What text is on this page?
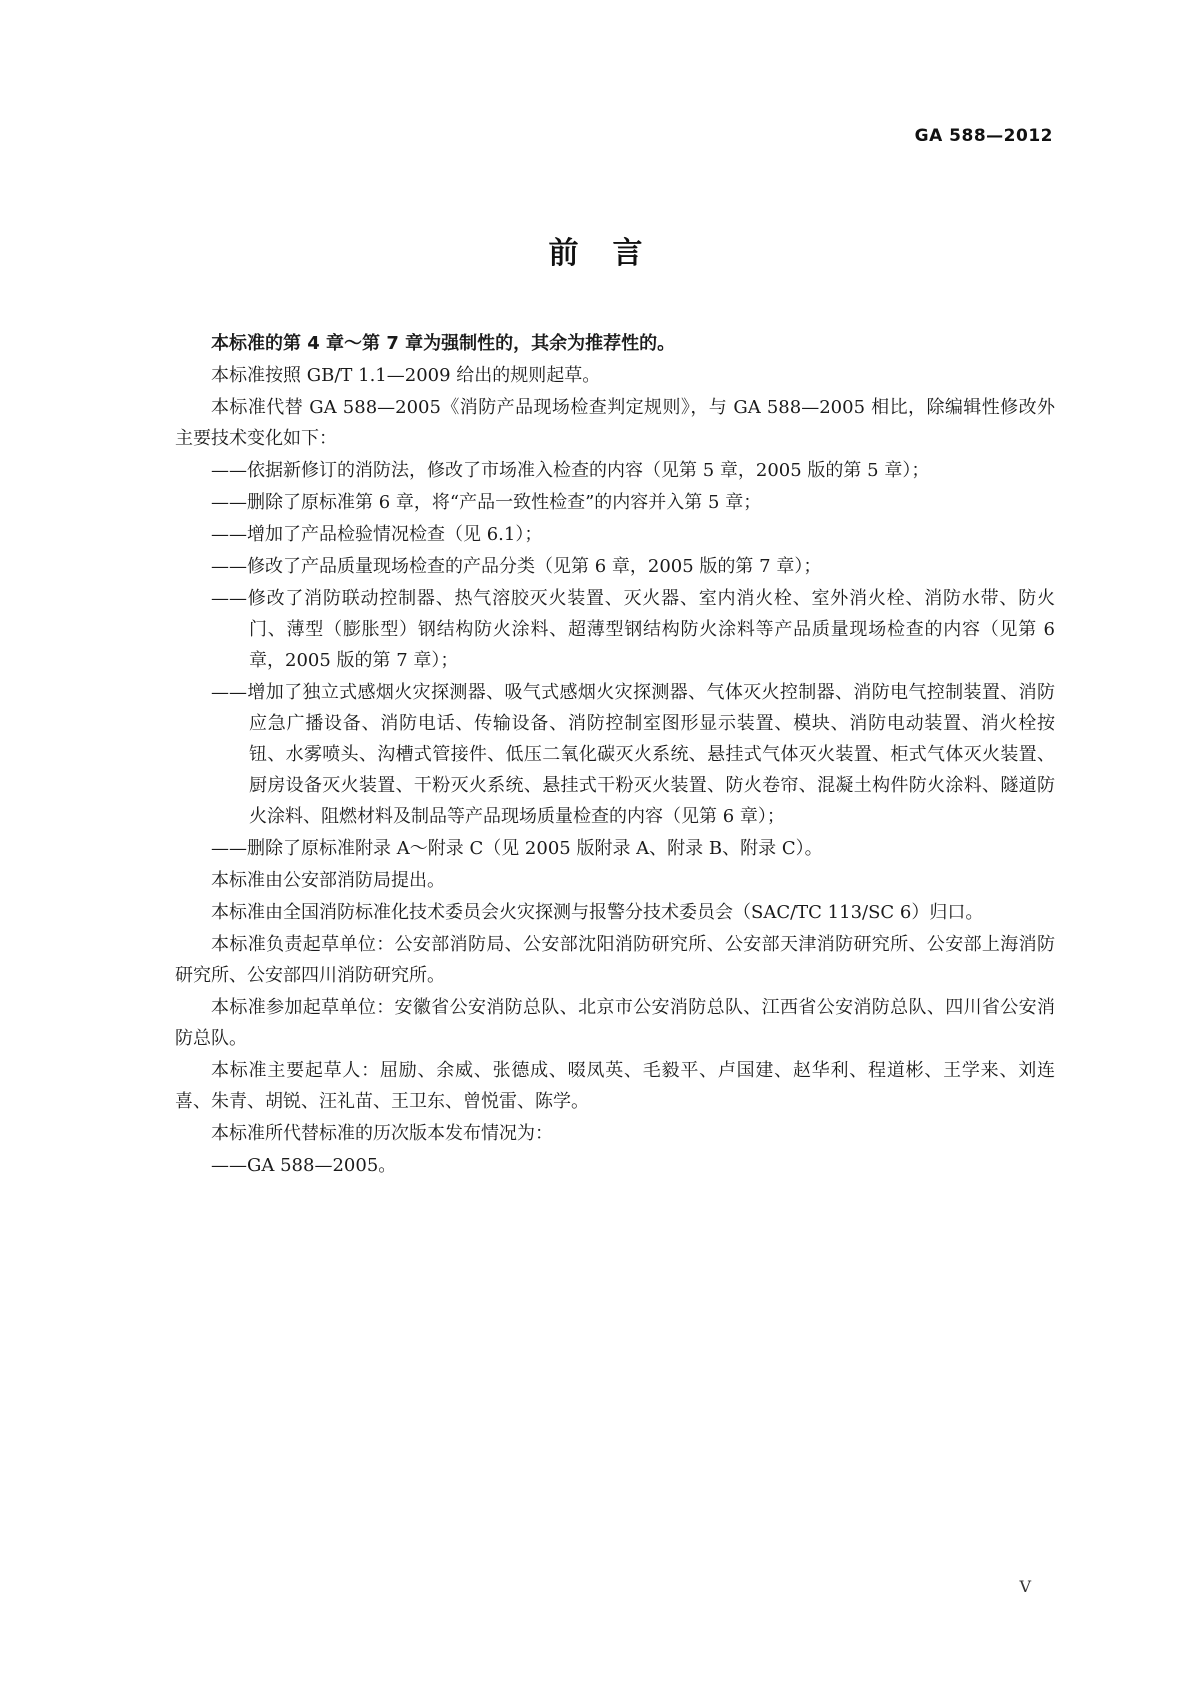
GA 588—2012
前言

本标准的第 4 章～第 7 章为强制性的，其余为推荐性的。

本标准按照 GB/T 1.1—2009 给出的规则起草。

本标准代替 GA 588—2005《消防产品现场检查判定规则》，与 GA 588—2005 相比，除编辑性修改外主要技术变化如下：

——依据新修订的消防法，修改了市场准入检查的内容（见第 5 章，2005 版的第 5 章）；

——删除了原标准第 6 章，将“产品一致性检查”的内容并入第 5 章；

——增加了产品检验情况检查（见 6.1）；

——修改了产品质量现场检查的产品分类（见第 6 章，2005 版的第 7 章）；

——修改了消防联动控制器、热气溶胶灭火装置、灭火器、室内消火栓、室外消火栓、消防水带、防火门、薄型（膨胀型）钢结构防火涂料、超薄型钢结构防火涂料等产品质量现场检查的内容（见第 6 章，2005 版的第 7 章）；

——增加了独立式感烟火灾探测器、吸气式感烟火灾探测器、气体灭火控制器、消防电气控制装置、消防应急广播设备、消防电话、传输设备、消防控制室图形显示装置、模块、消防电动装置、消火栓按钮、水雾喷头、沟槽式管接件、低压二氧化碳灭火系统、悬挂式气体灭火装置、柜式气体灭火装置、厨房设备灭火装置、干粉灭火系统、悬挂式干粉灭火装置、防火卷帘、混凝土构件防火涂料、隧道防火涂料、阻燃材料及制品等产品现场质量检查的内容（见第 6 章）；

——删除了原标准附录 A～附录 C（见 2005 版附录 A、附录 B、附录 C）。

本标准由公安部消防局提出。

本标准由全国消防标准化技术委员会火灾探测与报警分技术委员会（SAC/TC 113/SC 6）归口。

本标准负责起草单位：公安部消防局、公安部沈阳消防研究所、公安部天津消防研究所、公安部上海消防研究所、公安部四川消防研究所。

本标准参加起草单位：安徽省公安消防总队、北京市公安消防总队、江西省公安消防总队、四川省公安消防总队。

本标准主要起草人：屈励、余威、张德成、啜凤英、毛毅平、卢国建、赵华利、程道彬、王学来、刘连喜、朱青、胡锐、汪礼苗、王卫东、曾悦雷、陈学。

本标准所代替标准的历次版本发布情况为：

——GA 588—2005。

V
